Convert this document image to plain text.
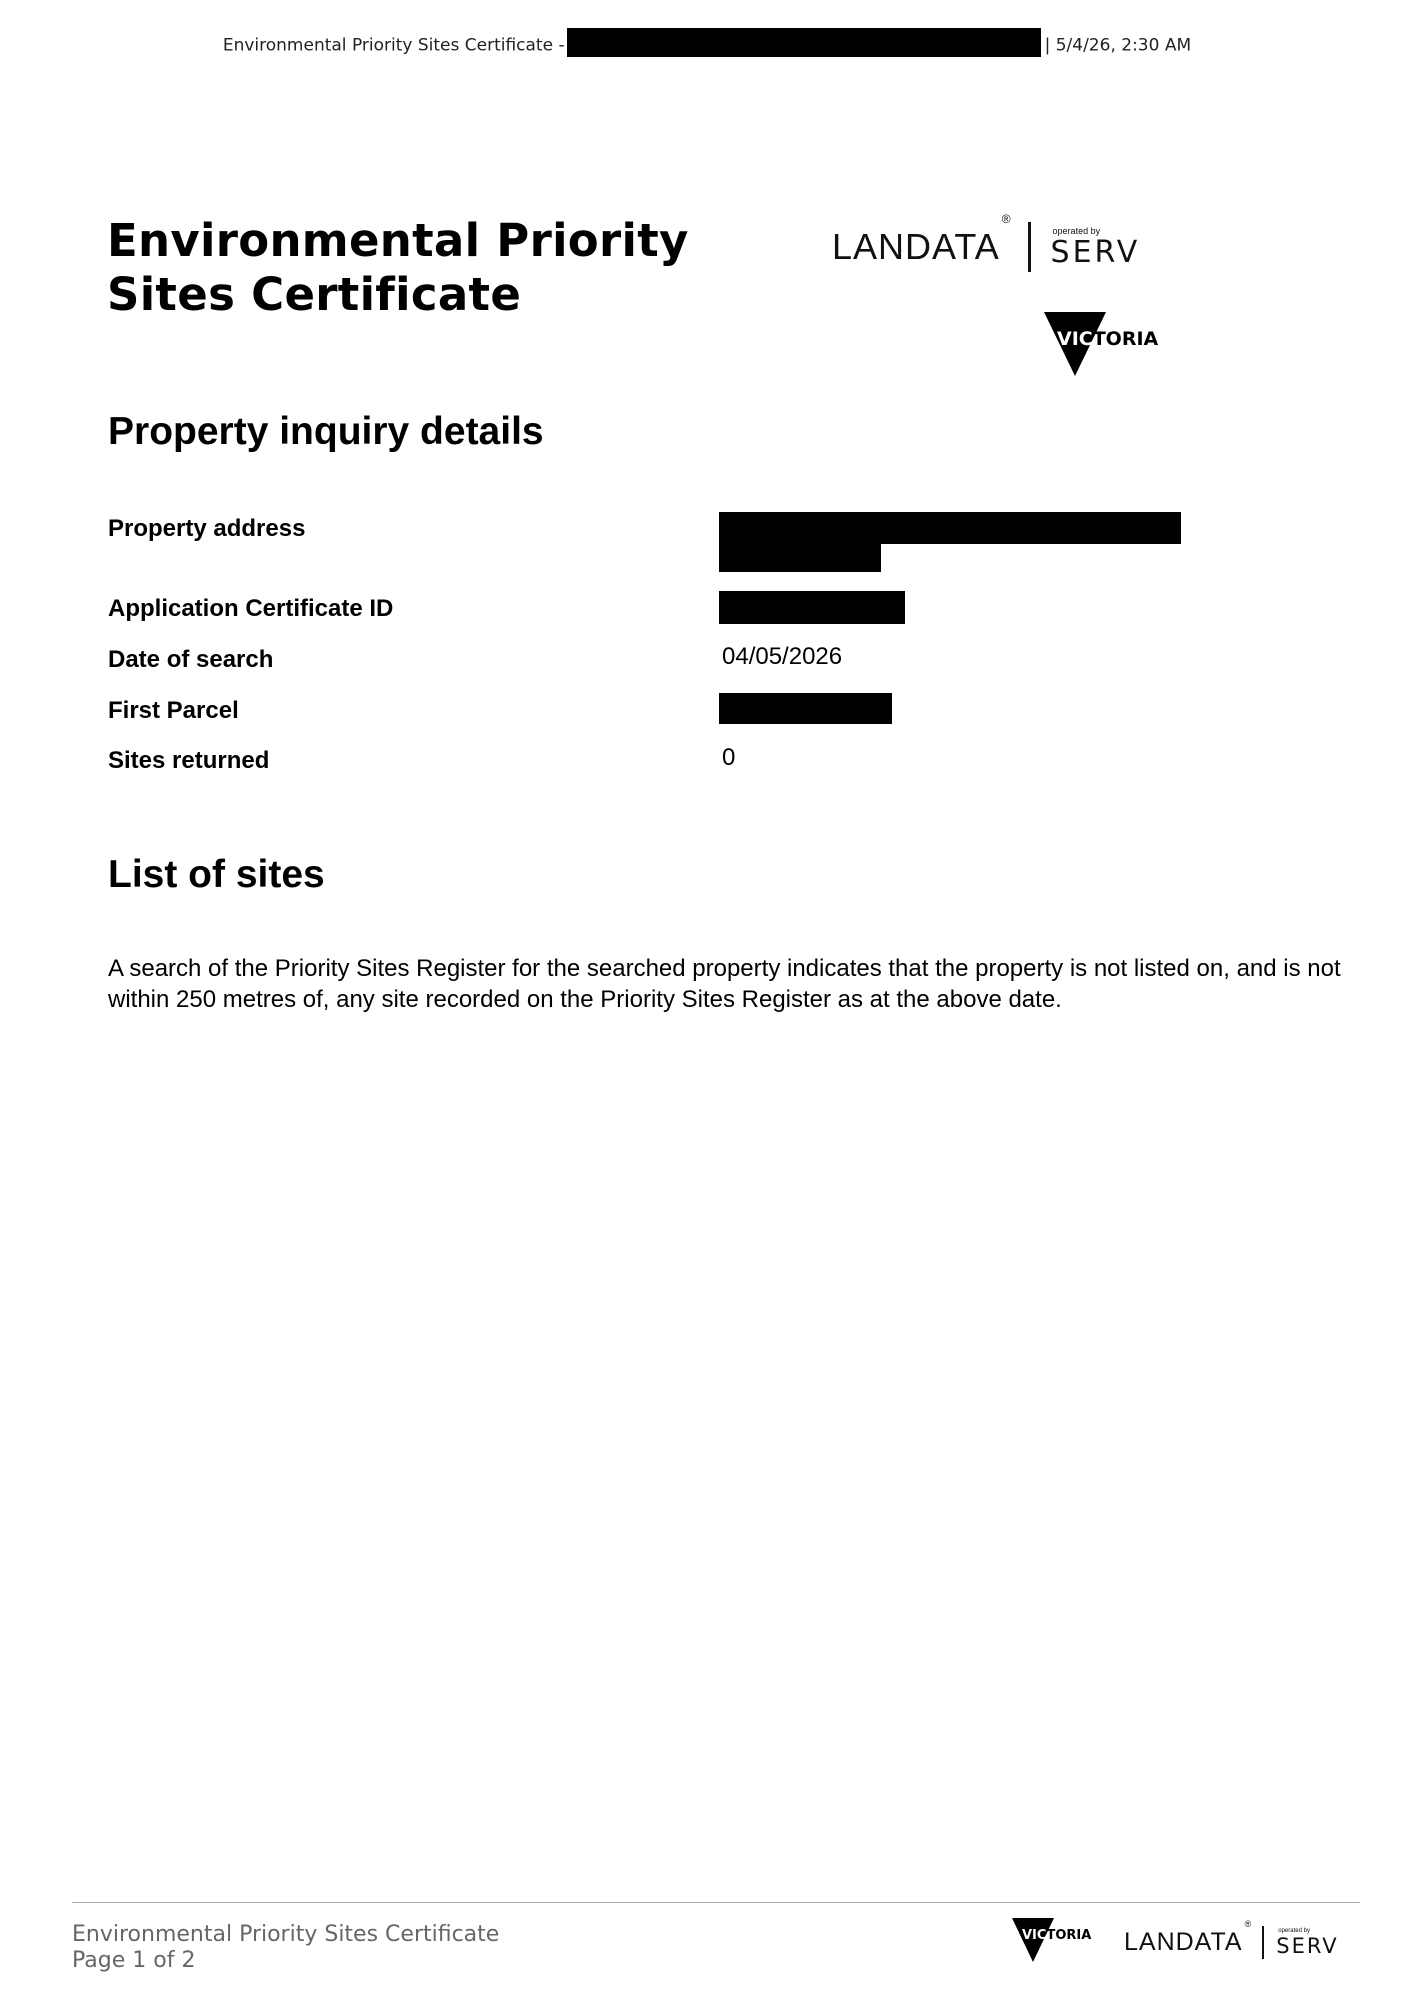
Environmental Priority Sites Certificate -	| 5/4/26, 2:30 AM
Environmental Priority
Sites Certificate
LANDATA®
operated by
SERV
VICTORIA
Property inquiry details
Property address
Application Certificate ID
Date of search	04/05/2026
First Parcel
Sites returned	0
List of sites

A search of the Priority Sites Register for the searched property indicates that the property is not listed on, and is not within 250 metres of, any site recorded on the Priority Sites Register as at the above date.

Environmental Priority Sites Certificate
Page 1 of 2
VICTORIA LANDATA®
operated by
SERV
